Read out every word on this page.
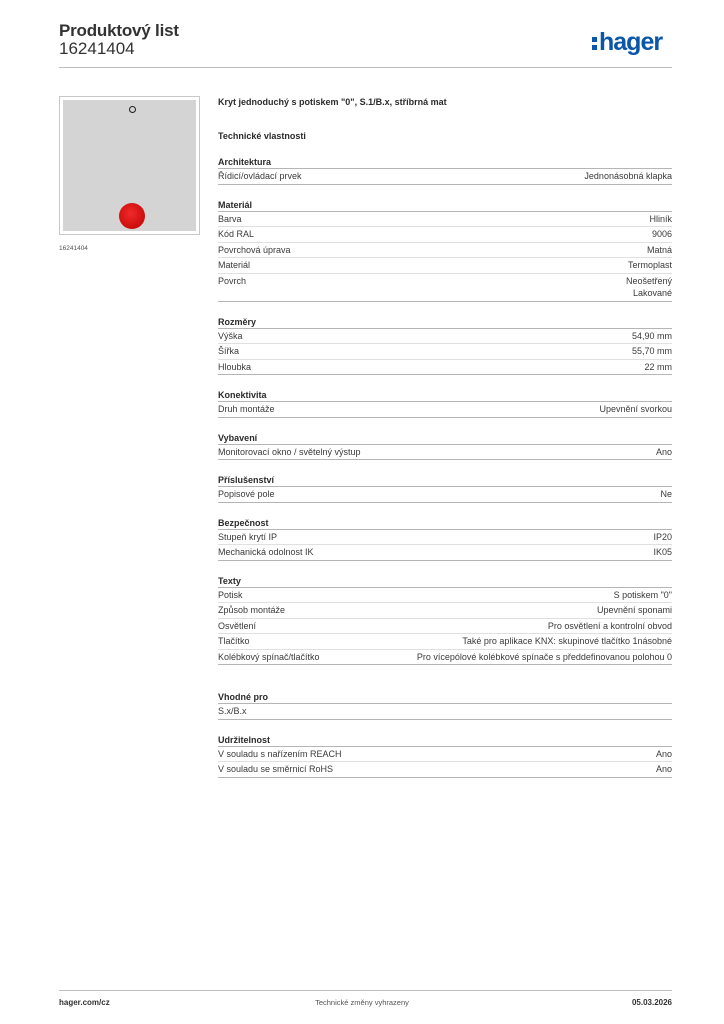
Produktový list
16241404	hager
16241404
Kryt jednoduchý s potiskem "0", S.1/B.x, stříbrná mat
Technické vlastnosti
Architektura
Řídicí/ovládací prvek	Jednonásobná klapka
Materiál
Barva	Hliník
Kód RAL	9006
Povrchová úprava	Matná
Materiál	Termoplast
Povrch	Neošetřený
Lakované
Rozměry
Výška	54,90 mm
Šířka	55,70 mm
Hloubka	22 mm
Konektivita
Druh montáže	Upevnění svorkou
Vybavení
Monitorovací okno / světelný výstup	Ano
Příslušenství
Popisové pole	Ne
Bezpečnost
Stupeň krytí IP	IP20
Mechanická odolnost IK	IK05
Texty
Potisk	S potiskem "0"
Způsob montáže	Upevnění sponami
Osvětlení	Pro osvětlení a kontrolní obvod
Tlačítko	Také pro aplikace KNX: skupinové tlačítko 1násobné
Kolébkový spínač/tlačítko	Pro vícepólové kolébkové spínače s předdefinovanou polohou 0
Vhodné pro
S.x/B.x
Udržitelnost
V souladu s nařízením REACH	Ano
V souladu se směrnicí RoHS	Ano
hager.com/cz	Technické změny vyhrazeny	05.03.2026
